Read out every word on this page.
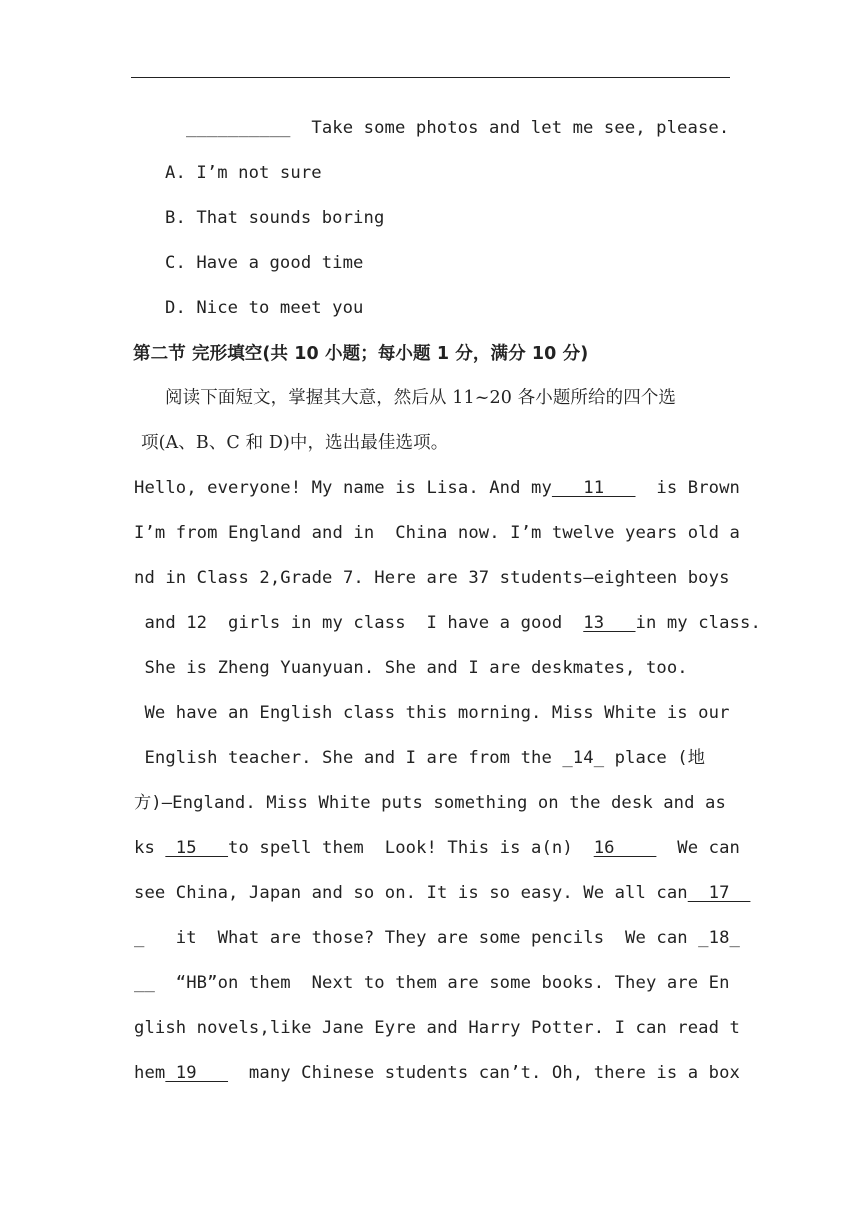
__________ Take some photos and let me see, please.
A. I’m not sure
B. That sounds boring
C. Have a good time
D. Nice to meet you
第二节 完形填空(共 10 小题；每小题 1 分，满分 10 分)
阅读下面短文，掌握其大意，然后从 11~20 各小题所给的四个选
项(A、B、C 和 D)中，选出最佳选项。
Hello, everyone! My name is Lisa. And my   11     is Brown
I’m from England and in  China now. I’m twelve years old a
nd in Class 2,Grade 7. Here are 37 students—eighteen boys
and 12  girls in my class  I have a good  13   in my class.
She is Zheng Yuanyuan. She and I are deskmates, too.
We have an English class this morning. Miss White is our
English teacher. She and I are from the _14_ place (地
方)—England. Miss White puts something on the desk and as
ks  15   to spell them  Look! This is a(n)  16      We can
see China, Japan and so on. It is so easy. We all can  17
_   it  What are those? They are some pencils  We can _18_
__  “HB”on them  Next to them are some books. They are En
glish novels,like Jane Eyre and Harry Potter. I can read t
hem 19     many Chinese students can’t. Oh, there is a box
